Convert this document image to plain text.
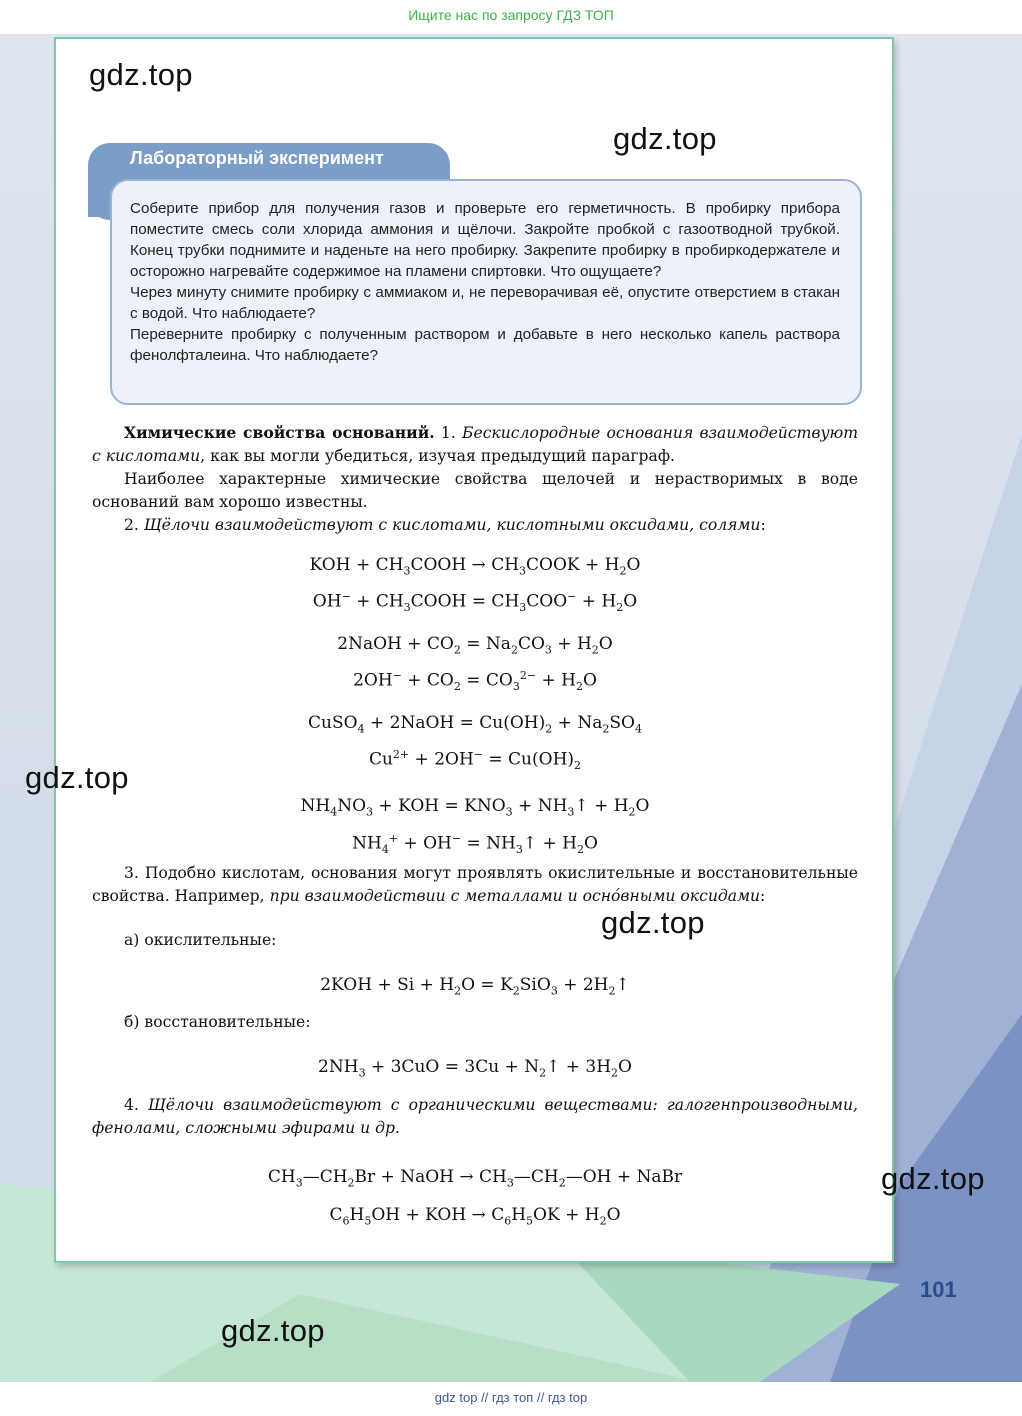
Ищите нас по запросу ГДЗ ТОП
gdz.top
gdz.top
gdz.top
gdz.top
gdz.top
gdz.top
Лабораторный эксперимент

Соберите прибор для получения газов и проверьте его герметичность. В пробирку прибора поместите смесь соли хлорида аммония и щёлочи. Закройте пробкой с газоотводной трубкой. Конец трубки поднимите и наденьте на него пробирку. Закрепите пробирку в пробиркодержателе и осторожно нагревайте содержимое на пламени спиртовки. Что ощущаете?

Через минуту снимите пробирку с аммиаком и, не переворачивая её, опустите отверстием в стакан с водой. Что наблюдаете?

Переверните пробирку с полученным раствором и добавьте в него несколько капель раствора фенолфталеина. Что наблюдаете?

Химические свойства оснований. 1. Бескислородные основания взаимодействуют с кислотами, как вы могли убедиться, изучая предыдущий параграф.

Наиболее характерные химические свойства щелочей и нерастворимых в воде оснований вам хорошо известны.

2. Щёлочи взаимодействуют с кислотами, кислотными оксидами, солями:

KOH + $CH_3COOH$ → $CH_3COOK + H_2O$
$OH^- + CH_3COOH = CH_3COO^- + H_2O$
2NaOH + $CO_2 = Na_2CO_3 + H_2O$
$2OH^- + CO_2 = CO_3^{2-} + H_2O$
CuSO$_4$ + 2NaOH = $Cu(OH)_2 + Na_2SO_4$
$Cu^{2+} + 2OH^- = Cu(OH)_2$
$NH_4NO_3$ + KOH = $KNO_3$ + $NH_3↑ + H_2O$
$NH_4^+ + OH^-$ = $NH_3↑ + H_2O$

3. Подобно кислотам, основания могут проявлять окислительные и восстановительные свойства. Например, при взаимодействии с металлами и осно́вными оксидами:

а) окислительные:
$2KOH + Si + H_2O = K_2SiO_3$ + $2H_2↑$
б) восстановительные:
$2NH_3 + 3CuO = 3Cu$ + $N_2↑ + 3H_2O$

4. Щёлочи взаимодействуют с органическими веществами: галогенпроизводными, фенолами, сложными эфирами и др.

$CH_3—CH_2Br$ + NaOH → $CH_3—CH_2—OH$ + NaBr
$C_6H_5OH$ + KOH → $C_6H_5OK + H_2O$
101
gdz top // гдз топ // гдз top
